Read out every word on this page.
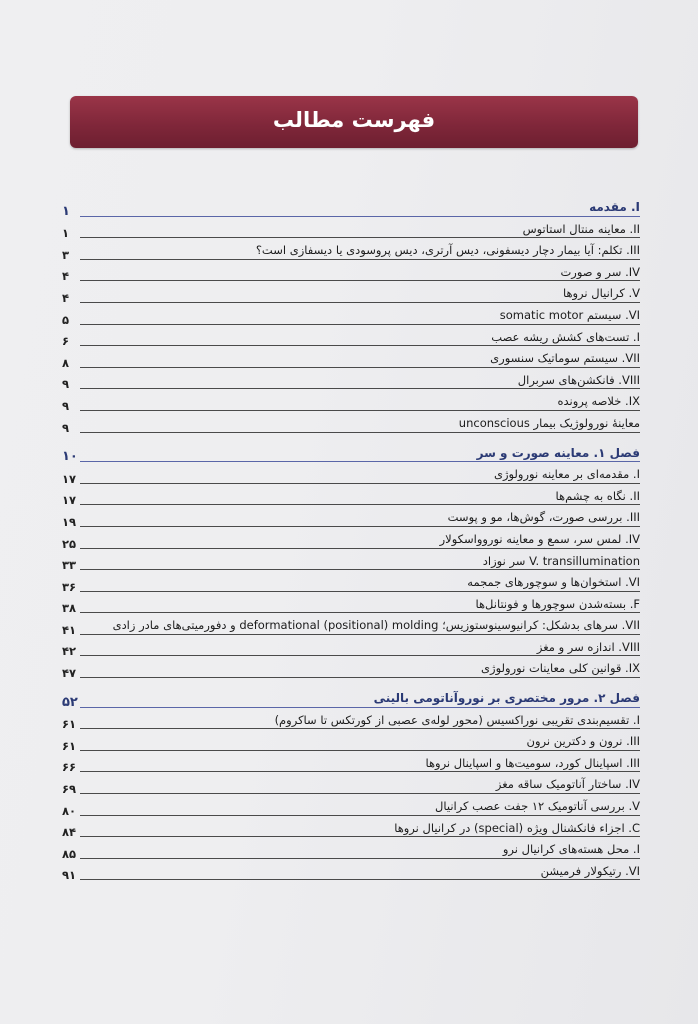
فهرست مطالب
۱	I. مقدمه
۱	II. معاینه منتال استاتوس
۳	III. تکلم: آیا بیمار دچار دیسفونی، دیس آرتری، دیس پروسودی یا دیسفازی است؟
۴	IV. سر و صورت
۴	V. کرانیال نروها
۵	VI. سیستم somatic motor
۶	I. تست‌های کشش ریشه عصب
۸	VII. سیستم سوماتیک سنسوری
۹	VIII. فانکشن‌های سربرال
۹	IX. خلاصه پرونده
۹	معاینهٔ نورولوژیک بیمار unconscious
۱۰	فصل ۱. معاینه صورت و سر
۱۷	I. مقدمه‌ای بر معاینه نورولوژی
۱۷	II. نگاه به چشم‌ها
۱۹	III. بررسی صورت، گوش‌ها، مو و پوست
۲۵	IV. لمس سر، سمع و معاینه نوروواسکولار
۳۳	V. transillumination سر نوزاد
۳۶	VI. استخوان‌ها و سوچورهای جمجمه
۳۸	F. بسته‌شدن سوچورها و فونتانل‌ها
۴۱	VII. سرهای بدشکل: کرانیوسینوستوزیس؛ deformational (positional) molding و دفورمیتی‌های مادر زادی
۴۲	VIII. اندازه سر و مغز
۴۷	IX. قوانین کلی معاینات نورولوژی
۵۲	فصل ۲. مرور مختصری بر نوروآناتومی بالینی
۶۱	I. تقسیم‌بندی تقریبی نوراکسیس (محور لوله‌ی عصبی از کورتکس تا ساکروم)
۶۱	III. نرون و دکترین نرون
۶۶	III. اسپاینال کورد، سومیت‌ها و اسپاینال نروها
۶۹	IV. ساختار آناتومیک ساقه مغز
۸۰	V. بررسی آناتومیک ۱۲ جفت عصب کرانیال
۸۴	C. اجزاء فانکشنال ویژه (special) در کرانیال نروها
۸۵	I. محل هسته‌های کرانیال نرو
۹۱	VI. رتیکولار فرمیشن
